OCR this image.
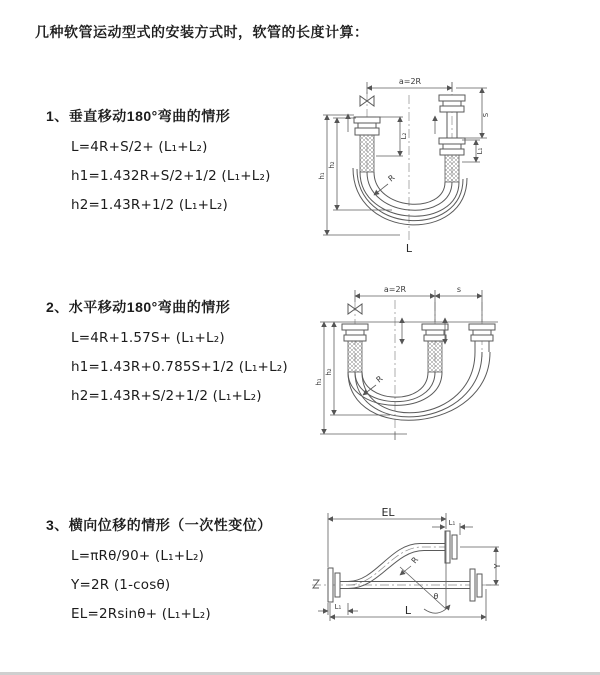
几种软管运动型式的安装方式时，软管的长度计算：
1、垂直移动180°弯曲的情形
L=4R+S/2+ (L₁+L₂)
h1=1.432R+S/2+1/2 (L₁+L₂)
h2=1.43R+1/2 (L₁+L₂)
2、水平移动180°弯曲的情形
L=4R+1.57S+ (L₁+L₂)
h1=1.43R+0.785S+1/2 (L₁+L₂)
h2=1.43R+S/2+1/2 (L₁+L₂)
3、横向位移的情形（一次性变位）
L=πRθ/90+ (L₁+L₂)
Y=2R (1-cosθ)
EL=2Rsinθ+ (L₁+L₂)
a=2R
S
L₁
L₂
h₁
h₂
R
L
a=2R	s
h₁
h₂
R
EL
L₁
Y
L
L₁
R
θ
